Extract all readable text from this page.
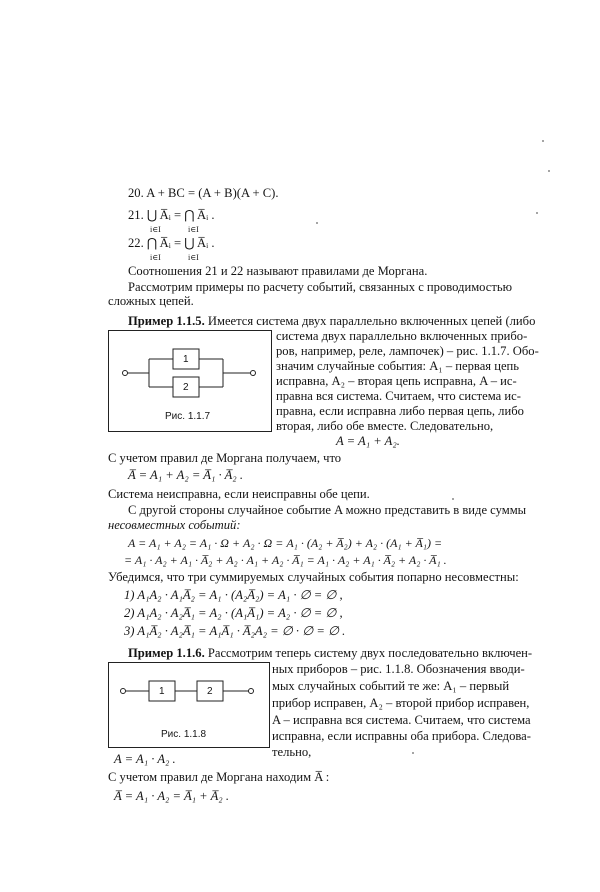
20. A + BC = (A + B)(A + C).
21. ⋃ A̅ᵢ = ⋂ A̅ᵢ .
i∈I	i∈I
22. ⋂ A̅ᵢ = ⋃ A̅ᵢ .
i∈I	i∈I
Соотношения 21 и 22 называют правилами де Моргана.
Рассмотрим примеры по расчету событий, связанных с проводимостью
сложных цепей.
Пример 1.1.5. Имеется система двух параллельно включенных цепей (либо
1
2
Рис. 1.1.7
система двух параллельно включенных прибо-
ров, например, реле, лампочек) – рис. 1.1.7. Обо-
значим случайные события: A₁ – первая цепь
исправна, A₂ – вторая цепь исправна, A – ис-
правна вся система. Считаем, что система ис-
правна, если исправна либо первая цепь, либо
вторая, либо обе вместе. Следовательно,
A = A₁ + A₂.
С учетом правил де Моргана получаем, что
A̅ = A₁ + A₂ = A̅₁ · A̅₂ .
Система неисправна, если неисправны обе цепи.
С другой стороны случайное событие A можно представить в виде суммы
несовместных событий:
A = A₁ + A₂ = A₁ · Ω + A₂ · Ω = A₁ · (A₂ + A̅₂) + A₂ · (A₁ + A̅₁) =
= A₁ · A₂ + A₁ · A̅₂ + A₂ · A₁ + A₂ · A̅₁ = A₁ · A₂ + A₁ · A̅₂ + A₂ · A̅₁ .
Убедимся, что три суммируемых случайных события попарно несовместны:
1) A₁A₂ · A₁A̅₂ = A₁ · (A₂A̅₂) = A₁ · ∅ = ∅ ,
2) A₁A₂ · A₂A̅₁ = A₂ · (A₁A̅₁) = A₂ · ∅ = ∅ ,
3) A₁A̅₂ · A₂A̅₁ = A₁A̅₁ · A̅₂A₂ = ∅ · ∅ = ∅ .
Пример 1.1.6. Рассмотрим теперь систему двух последовательно включен-
1	2
Рис. 1.1.8
ных приборов – рис. 1.1.8. Обозначения вводи-
мых случайных событий те же: A₁ – первый
прибор исправен, A₂ – второй прибор исправен,
A – исправна вся система. Считаем, что система
исправна, если исправны оба прибора. Следова-
тельно,
A = A₁ · A₂ .
С учетом правил де Моргана находим A̅ :
A̅ = A₁ · A₂ = A̅₁ + A̅₂ .
